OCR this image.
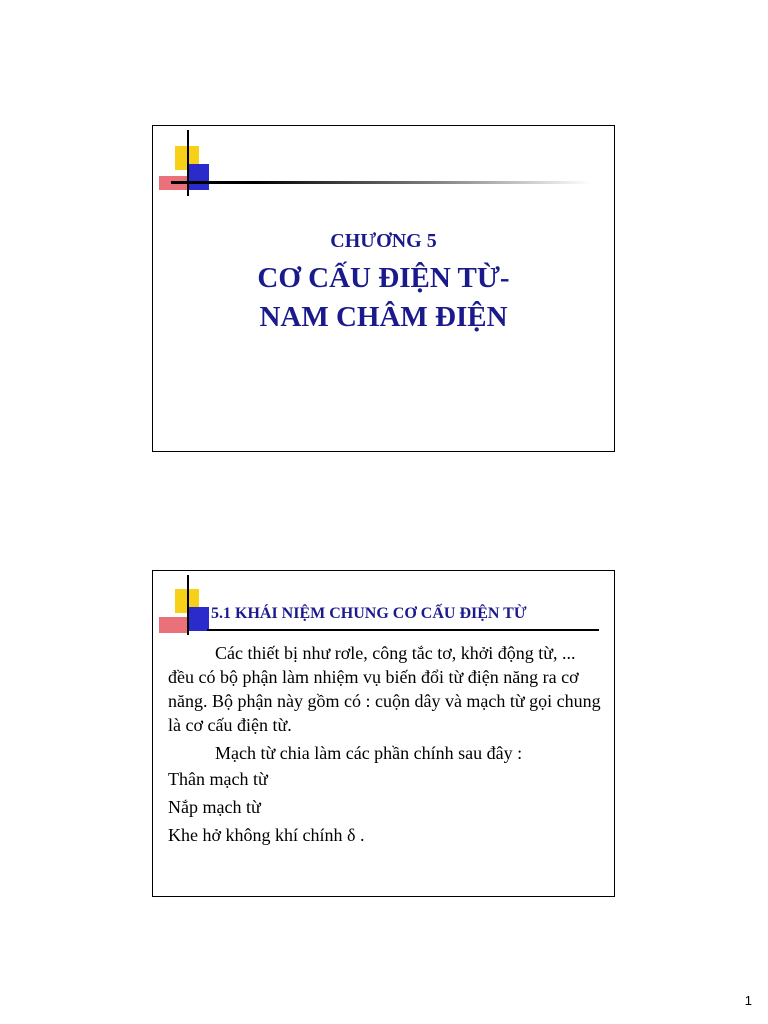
CHƯƠNG 5
CƠ CẤU ĐIỆN TỪ-
NAM CHÂM ĐIỆN
5.1 KHÁI NIỆM CHUNG CƠ CẤU ĐIỆN TỪ
Các thiết bị như rơle, công tắc tơ, khởi động từ, ... đều có bộ phận làm nhiệm vụ biến đổi từ điện năng ra cơ năng. Bộ phận này gồm có : cuộn dây và mạch từ gọi chung là cơ cấu điện từ.
Mạch từ chia làm các phần chính sau đây :
Thân mạch từ
Nắp mạch từ
Khe hở không khí chính δ .
1
